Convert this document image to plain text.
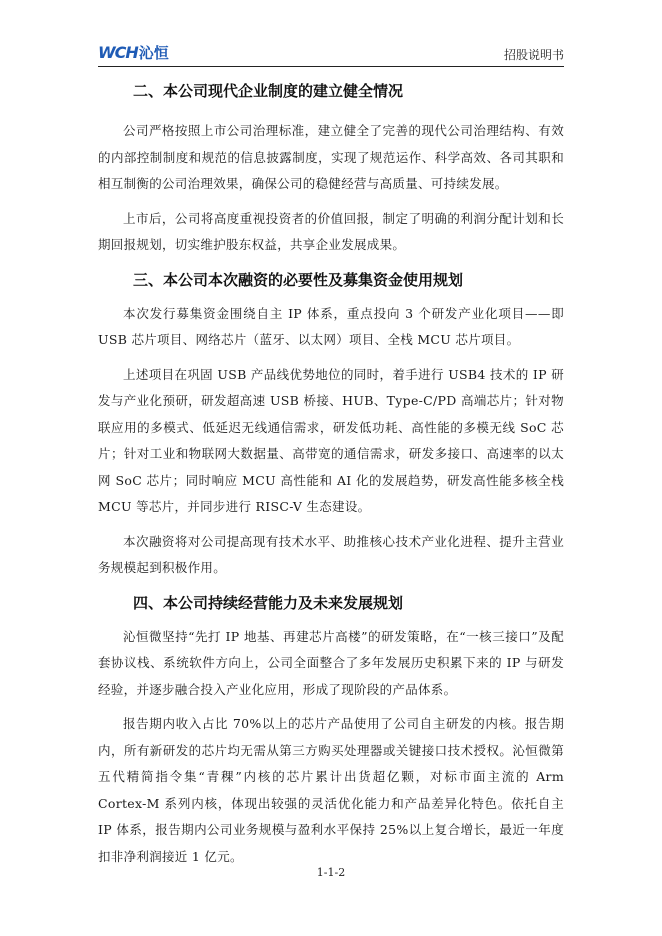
WCH 沁恒	招股说明书
二、本公司现代企业制度的建立健全情况

公司严格按照上市公司治理标准，建立健全了完善的现代公司治理结构、有效的内部控制制度和规范的信息披露制度，实现了规范运作、科学高效、各司其职和相互制衡的公司治理效果，确保公司的稳健经营与高质量、可持续发展。

上市后，公司将高度重视投资者的价值回报，制定了明确的利润分配计划和长期回报规划，切实维护股东权益，共享企业发展成果。

三、本公司本次融资的必要性及募集资金使用规划

本次发行募集资金围绕自主 IP 体系，重点投向 3 个研发产业化项目——即 USB 芯片项目、网络芯片（蓝牙、以太网）项目、全栈 MCU 芯片项目。

上述项目在巩固 USB 产品线优势地位的同时，着手进行 USB4 技术的 IP 研发与产业化预研，研发超高速 USB 桥接、HUB、Type-C/PD 高端芯片；针对物联应用的多模式、低延迟无线通信需求，研发低功耗、高性能的多模无线 SoC 芯片；针对工业和物联网大数据量、高带宽的通信需求，研发多接口、高速率的以太网 SoC 芯片；同时响应 MCU 高性能和 AI 化的发展趋势，研发高性能多核全栈 MCU 等芯片，并同步进行 RISC-V 生态建设。

本次融资将对公司提高现有技术水平、助推核心技术产业化进程、提升主营业务规模起到积极作用。

四、本公司持续经营能力及未来发展规划

沁恒微坚持“先打 IP 地基、再建芯片高楼”的研发策略，在“一核三接口”及配套协议栈、系统软件方向上，公司全面整合了多年发展历史积累下来的 IP 与研发经验，并逐步融合投入产业化应用，形成了现阶段的产品体系。

报告期内收入占比 70%以上的芯片产品使用了公司自主研发的内核。报告期内，所有新研发的芯片均无需从第三方购买处理器或关键接口技术授权。沁恒微第五代精简指令集“青稞”内核的芯片累计出货超亿颗，对标市面主流的 Arm Cortex-M 系列内核，体现出较强的灵活优化能力和产品差异化特色。依托自主 IP 体系，报告期内公司业务规模与盈利水平保持 25%以上复合增长，最近一年度扣非净利润接近 1 亿元。

1-1-2
